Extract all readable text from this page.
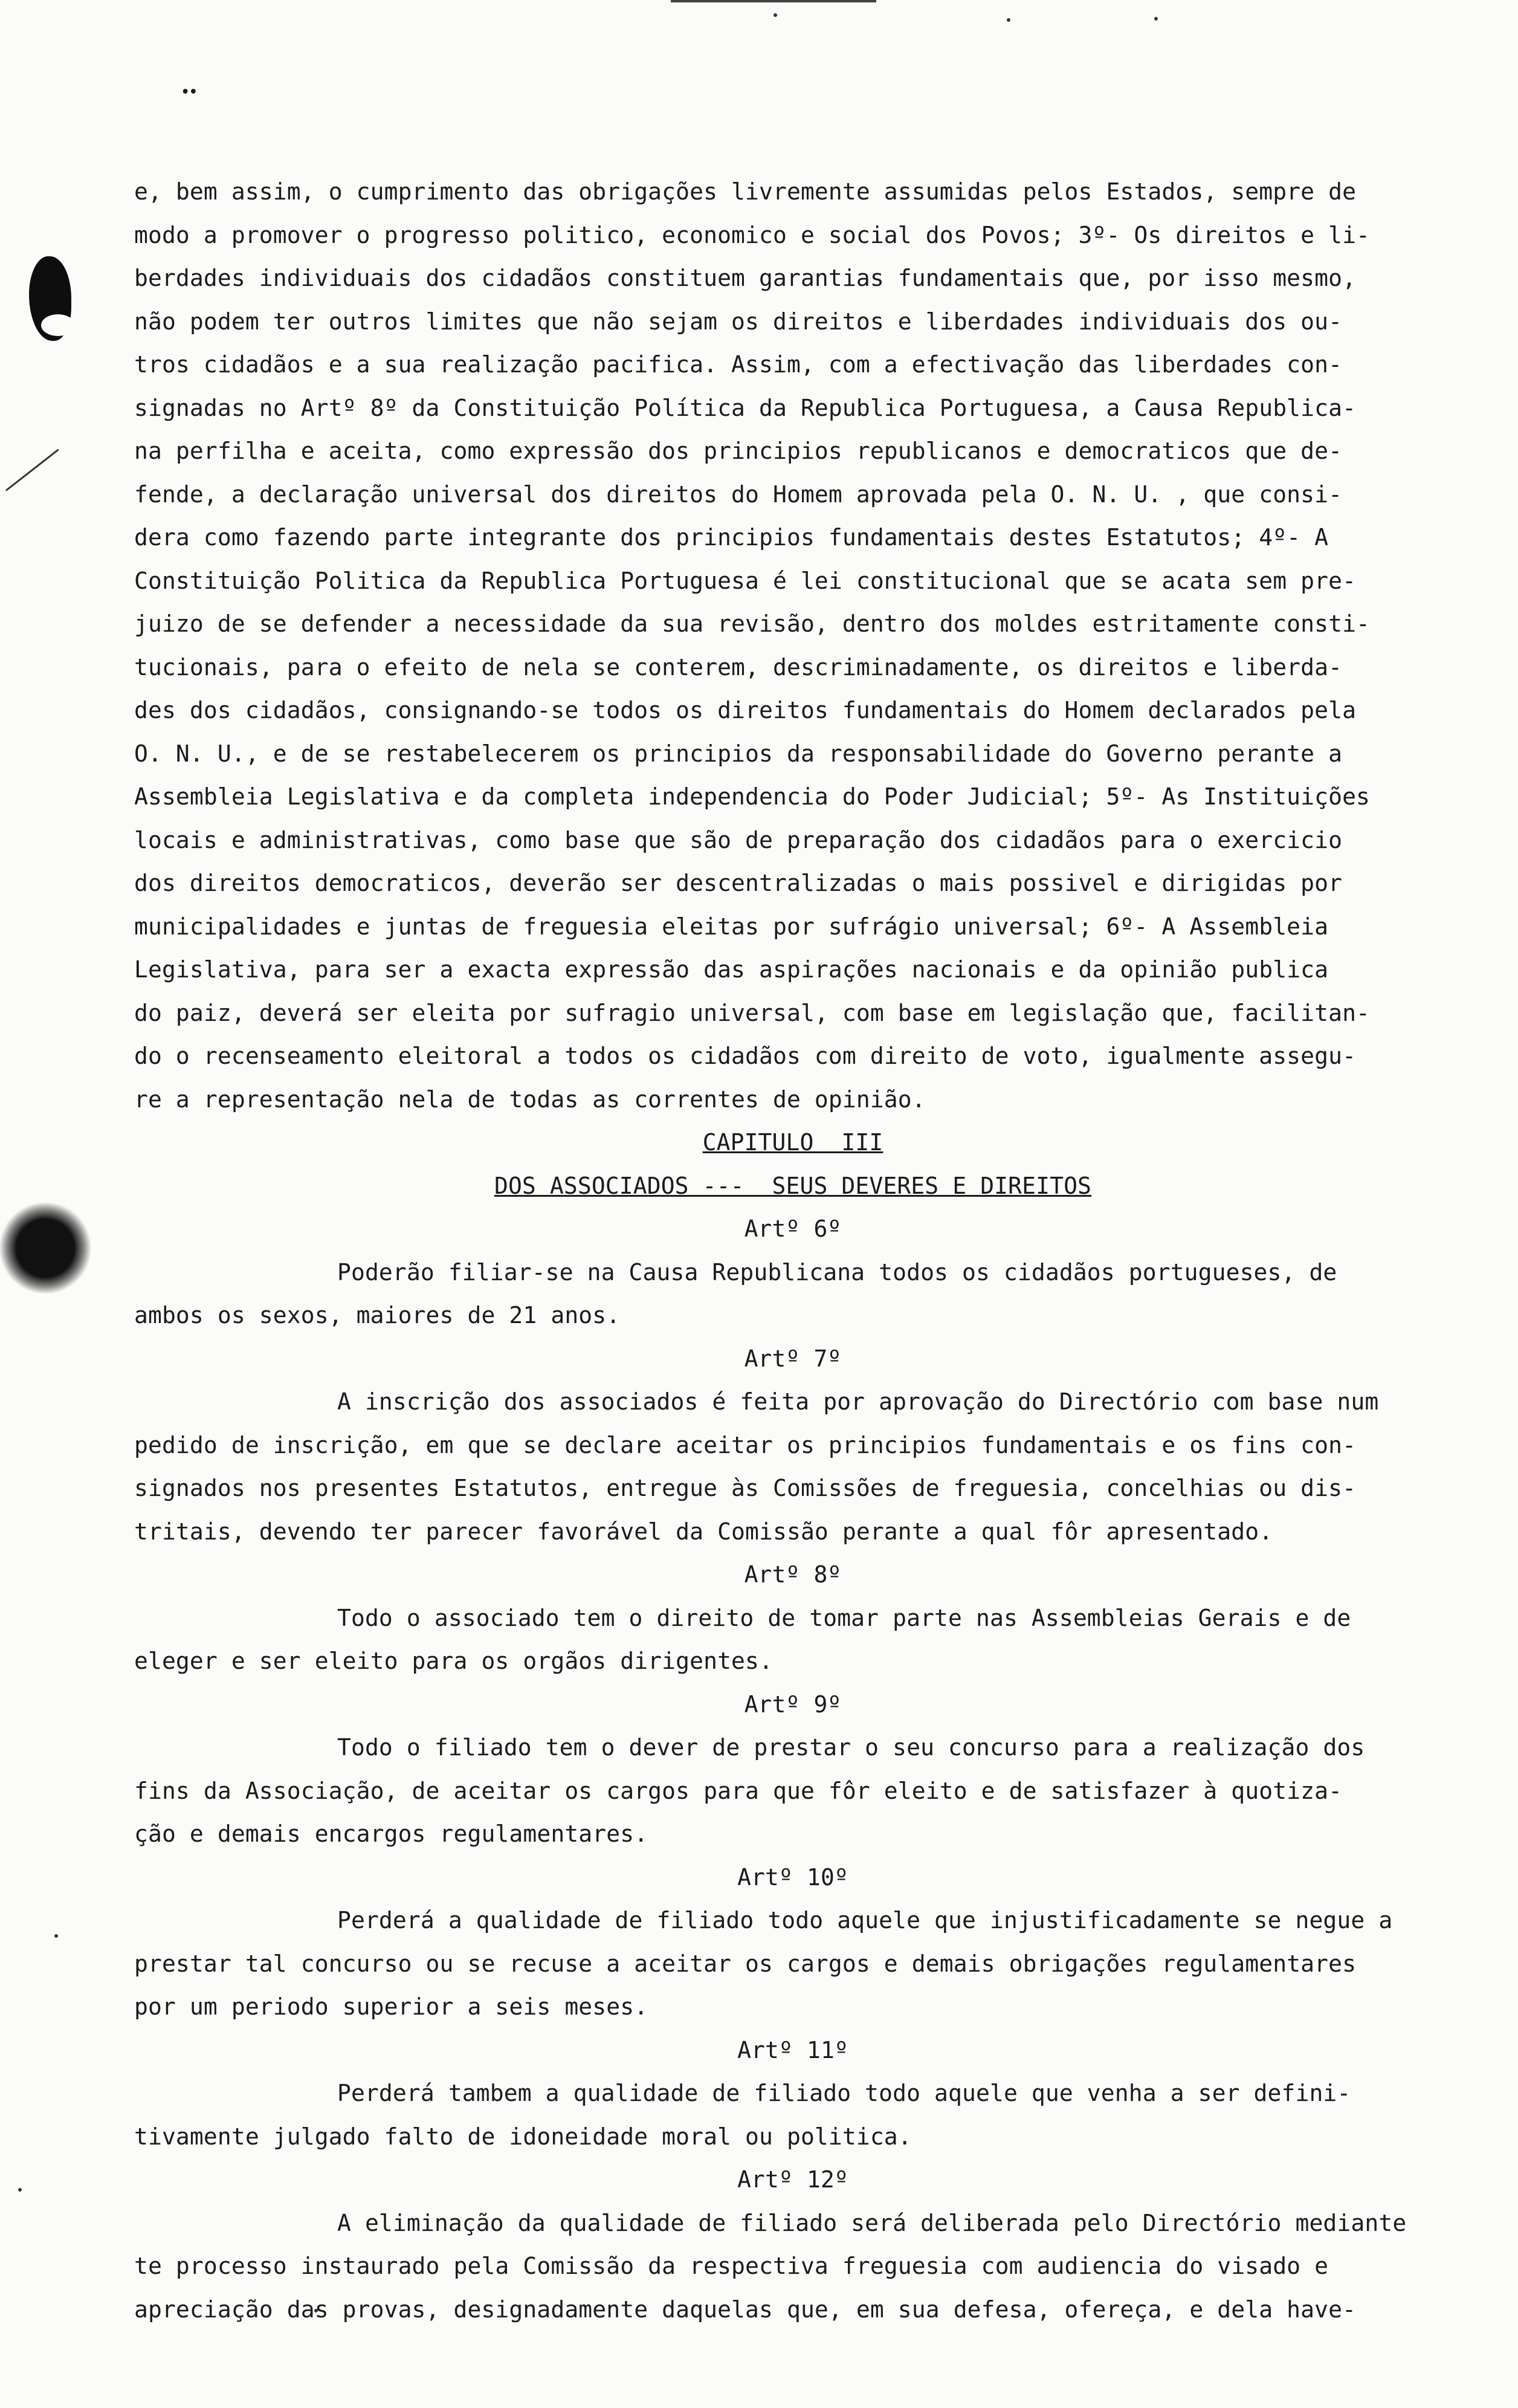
••
e, bem assim, o cumprimento das obrigações livremente assumidas pelos Estados, sempre de
modo a promover o progresso politico, economico e social dos Povos; 3º- Os direitos e li-
berdades individuais dos cidadãos constituem garantias fundamentais que, por isso mesmo,
não podem ter outros limites que não sejam os direitos e liberdades individuais dos ou-
tros cidadãos e a sua realização pacifica. Assim, com a efectivação das liberdades con-
signadas no Artº 8º da Constituição Política da Republica Portuguesa, a Causa Republica-
na perfilha e aceita, como expressão dos principios republicanos e democraticos que de-
fende, a declaração universal dos direitos do Homem aprovada pela O. N. U. , que consi-
dera como fazendo parte integrante dos principios fundamentais destes Estatutos; 4º- A
Constituição Politica da Republica Portuguesa é lei constitucional que se acata sem pre-
juizo de se defender a necessidade da sua revisão, dentro dos moldes estritamente consti-
tucionais, para o efeito de nela se conterem, descriminadamente, os direitos e liberda-
des dos cidadãos, consignando-se todos os direitos fundamentais do Homem declarados pela
O. N. U., e de se restabelecerem os principios da responsabilidade do Governo perante a
Assembleia Legislativa e da completa independencia do Poder Judicial; 5º- As Instituições
locais e administrativas, como base que são de preparação dos cidadãos para o exercicio
dos direitos democraticos, deverão ser descentralizadas o mais possivel e dirigidas por
municipalidades e juntas de freguesia eleitas por sufrágio universal; 6º- A Assembleia
Legislativa, para ser a exacta expressão das aspirações nacionais e da opinião publica
do paiz, deverá ser eleita por sufragio universal, com base em legislação que, facilitan-
do o recenseamento eleitoral a todos os cidadãos com direito de voto, igualmente assegu-
re a representação nela de todas as correntes de opinião.
CAPITULO  III
DOS ASSOCIADOS ---  SEUS DEVERES E DIREITOS
Artº 6º
Poderão filiar-se na Causa Republicana todos os cidadãos portugueses, de
ambos os sexos, maiores de 21 anos.
Artº 7º
A inscrição dos associados é feita por aprovação do Directório com base num
pedido de inscrição, em que se declare aceitar os principios fundamentais e os fins con-
signados nos presentes Estatutos, entregue às Comissões de freguesia, concelhias ou dis-
tritais, devendo ter parecer favorável da Comissão perante a qual fôr apresentado.
Artº 8º
Todo o associado tem o direito de tomar parte nas Assembleias Gerais e de
eleger e ser eleito para os orgãos dirigentes.
Artº 9º
Todo o filiado tem o dever de prestar o seu concurso para a realização dos
fins da Associação, de aceitar os cargos para que fôr eleito e de satisfazer à quotiza-
ção e demais encargos regulamentares.
Artº 10º
Perderá a qualidade de filiado todo aquele que injustificadamente se negue a
prestar tal concurso ou se recuse a aceitar os cargos e demais obrigações regulamentares
por um periodo superior a seis meses.
Artº 11º
Perderá tambem a qualidade de filiado todo aquele que venha a ser defini-
tivamente julgado falto de idoneidade moral ou politica.
Artº 12º
A eliminação da qualidade de filiado será deliberada pelo Directório mediante
te processo instaurado pela Comissão da respectiva freguesia com audiencia do visado e
apreciação das provas, designadamente daquelas que, em sua defesa, ofereça, e dela have-
